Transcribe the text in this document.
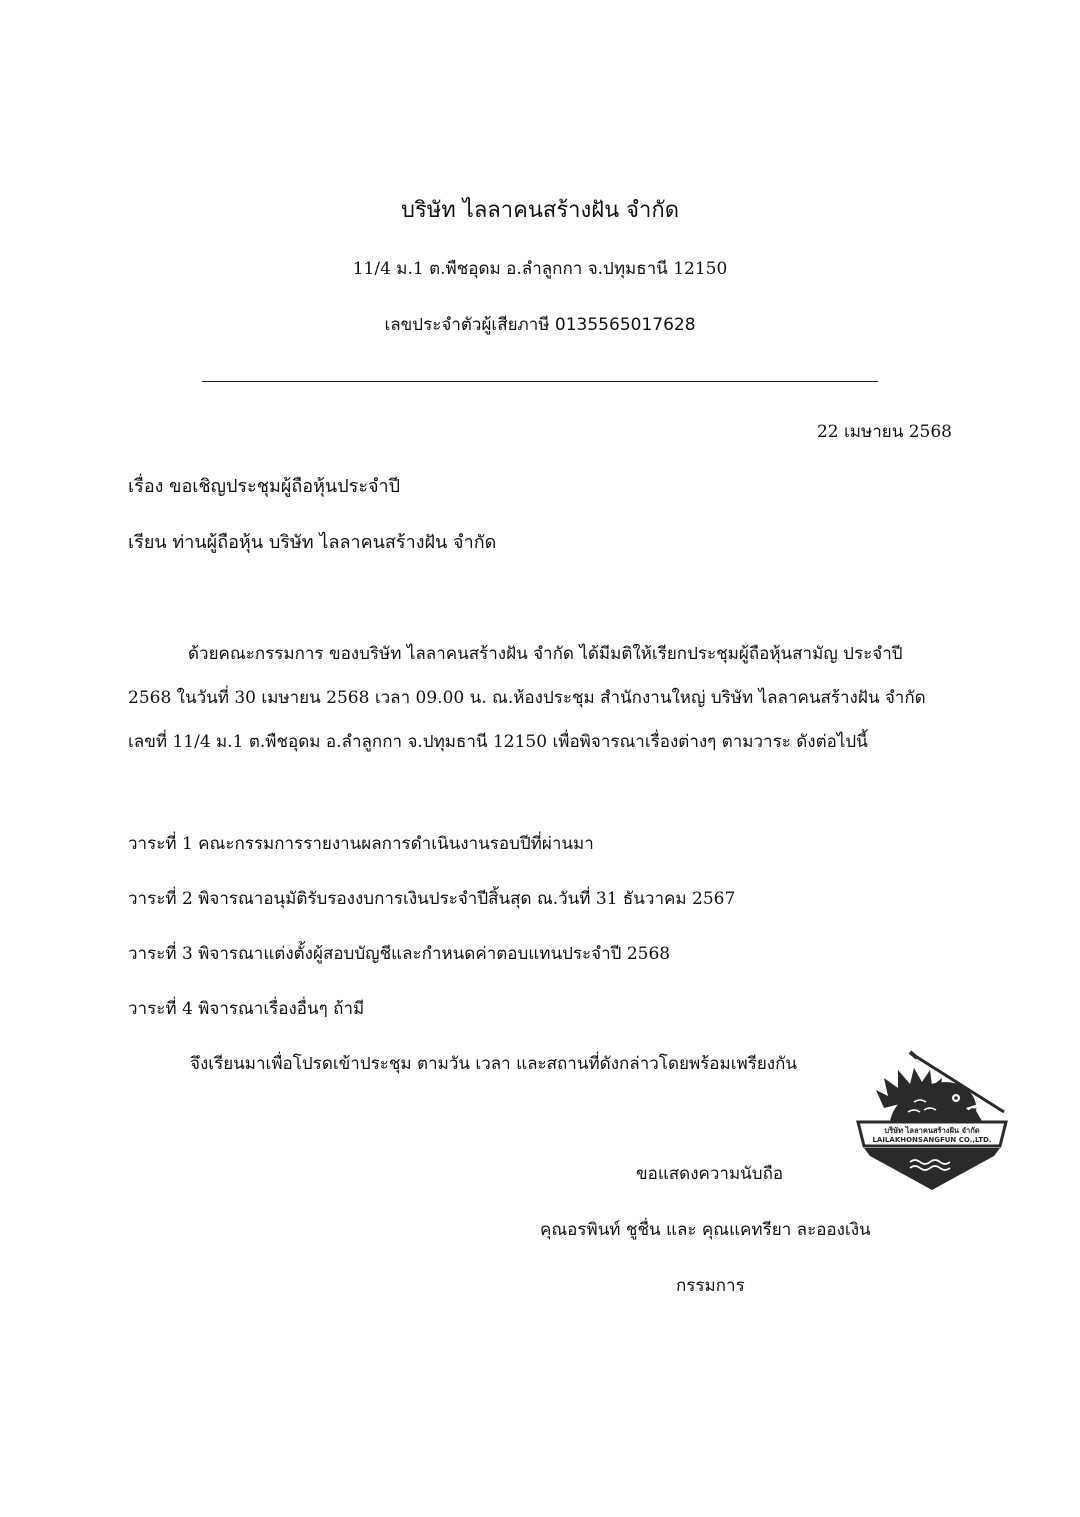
บริษัท ไลลาคนสร้างฝัน จำกัด
11/4 ม.1 ต.พืชอุดม อ.ลำลูกกา จ.ปทุมธานี 12150
เลขประจำตัวผู้เสียภาษี 0135565017628
22 เมษายน 2568
เรื่อง ขอเชิญประชุมผู้ถือหุ้นประจำปี
เรียน ท่านผู้ถือหุ้น บริษัท ไลลาคนสร้างฝัน จำกัด
ด้วยคณะกรรมการ ของบริษัท ไลลาคนสร้างฝัน จำกัด ได้มีมติให้เรียกประชุมผู้ถือหุ้นสามัญ ประจำปี
2568 ในวันที่ 30 เมษายน 2568 เวลา 09.00 น. ณ.ห้องประชุม สำนักงานใหญ่ บริษัท ไลลาคนสร้างฝัน จำกัด
เลขที่ 11/4 ม.1 ต.พืชอุดม อ.ลำลูกกา จ.ปทุมธานี 12150 เพื่อพิจารณาเรื่องต่างๆ ตามวาระ ดังต่อไปนี้
วาระที่ 1 คณะกรรมการรายงานผลการดำเนินงานรอบปีที่ผ่านมา
วาระที่ 2 พิจารณาอนุมัติรับรองงบการเงินประจำปีสิ้นสุด ณ.วันที่ 31 ธันวาคม 2567
วาระที่ 3 พิจารณาแต่งตั้งผู้สอบบัญชีและกำหนดค่าตอบแทนประจำปี 2568
วาระที่ 4 พิจารณาเรื่องอื่นๆ ถ้ามี
จึงเรียนมาเพื่อโปรดเข้าประชุม ตามวัน เวลา และสถานที่ดังกล่าวโดยพร้อมเพรียงกัน
บริษัท ไลลาคนสร้างฝัน จำกัด
LAILAKHONSANGFUN CO.,LTD.
ขอแสดงความนับถือ
คุณอรพินท์ ชูชื่น และ คุณแคทรียา ละอองเงิน
กรรมการ
